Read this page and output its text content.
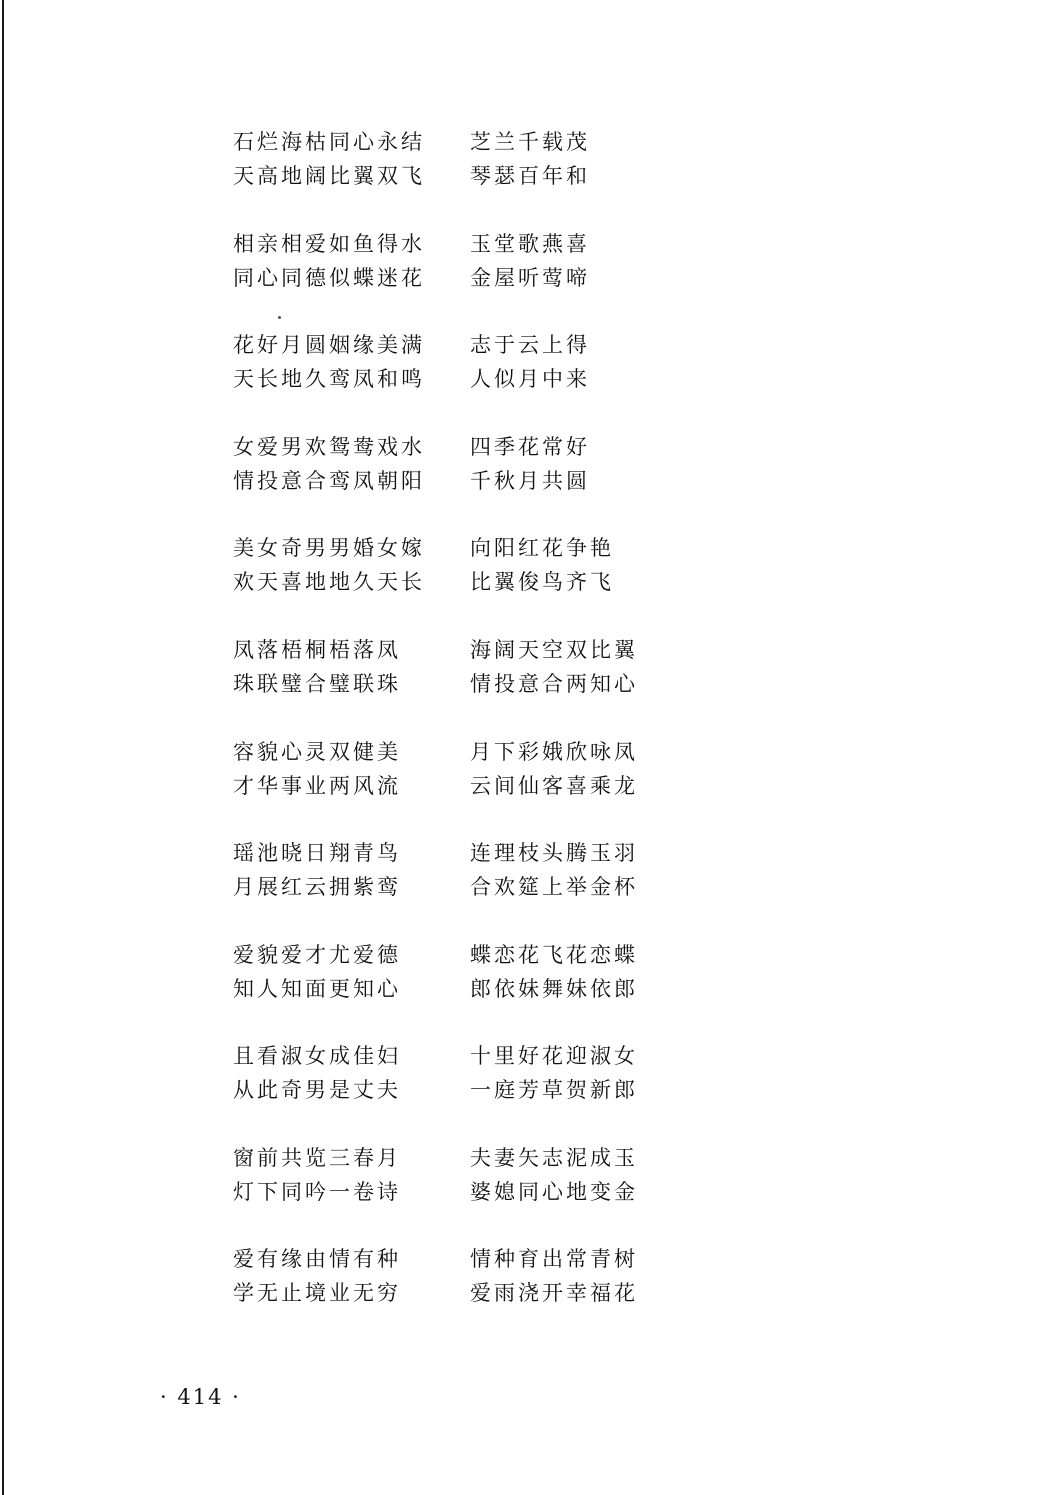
石烂海枯同心永结
天高地阔比翼双飞
芝兰千载茂
琴瑟百年和
相亲相爱如鱼得水
同心同德似蝶迷花
玉堂歌燕喜
金屋听莺啼
花好月圆姻缘美满
天长地久鸾凤和鸣
志于云上得
人似月中来
女爱男欢鸳鸯戏水
情投意合鸾凤朝阳
四季花常好
千秋月共圆
美女奇男男婚女嫁
欢天喜地地久天长
向阳红花争艳
比翼俊鸟齐飞
凤落梧桐梧落凤
珠联璧合璧联珠
海阔天空双比翼
情投意合两知心
容貌心灵双健美
才华事业两风流
月下彩娥欣咏凤
云间仙客喜乘龙
瑶池晓日翔青鸟
月展红云拥紫鸾
连理枝头腾玉羽
合欢筵上举金杯
爱貌爱才尤爱德
知人知面更知心
蝶恋花飞花恋蝶
郎依妹舞妹依郎
且看淑女成佳妇
从此奇男是丈夫
十里好花迎淑女
一庭芳草贺新郎
窗前共览三春月
灯下同吟一卷诗
夫妻矢志泥成玉
婆媳同心地变金
爱有缘由情有种
学无止境业无穷
情种育出常青树
爱雨浇开幸福花
· 414 ·
